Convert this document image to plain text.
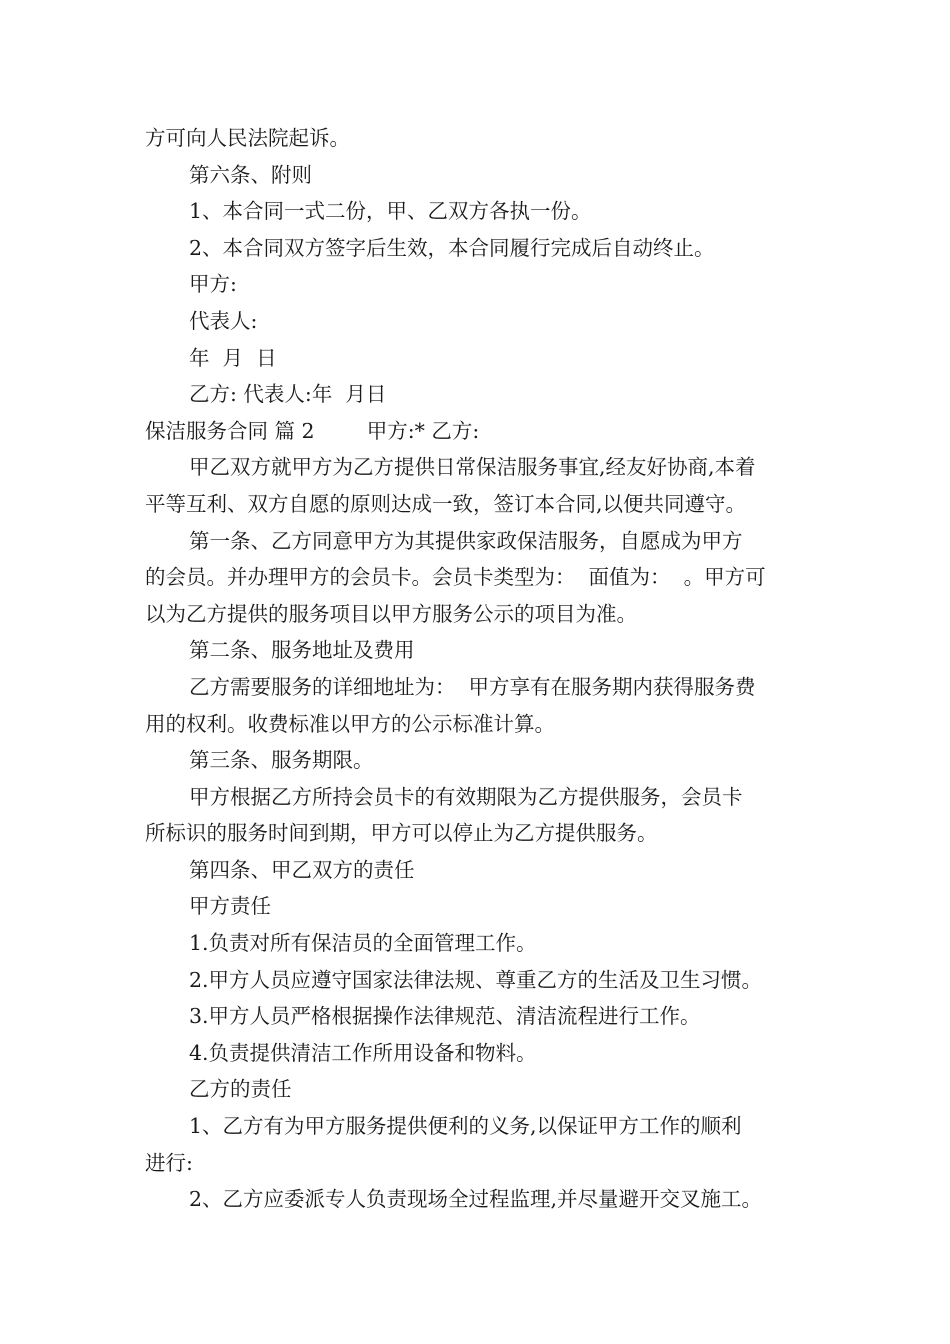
方可向人民法院起诉。
第六条、附则
1、本合同一式二份，甲、乙双方各执一份。
2、本合同双方签字后生效，本合同履行完成后自动终止。
甲方:
代表人:
年  月  日
乙方: 代表人:年  月日
保洁服务合同 篇 2        甲方:* 乙方:
甲乙双方就甲方为乙方提供日常保洁服务事宜,经友好协商,本着
平等互利、双方自愿的原则达成一致，签订本合同,以便共同遵守。
第一条、乙方同意甲方为其提供家政保洁服务，自愿成为甲方
的会员。并办理甲方的会员卡。会员卡类型为：  面值为：  。甲方可
以为乙方提供的服务项目以甲方服务公示的项目为准。
第二条、服务地址及费用
乙方需要服务的详细地址为：  甲方享有在服务期内获得服务费
用的权利。收费标准以甲方的公示标准计算。
第三条、服务期限。
甲方根据乙方所持会员卡的有效期限为乙方提供服务，会员卡
所标识的服务时间到期，甲方可以停止为乙方提供服务。
第四条、甲乙双方的责任
甲方责任
1.负责对所有保洁员的全面管理工作。
2.甲方人员应遵守国家法律法规、尊重乙方的生活及卫生习惯。
3.甲方人员严格根据操作法律规范、清洁流程进行工作。
4.负责提供清洁工作所用设备和物料。
乙方的责任
1、乙方有为甲方服务提供便利的义务,以保证甲方工作的顺利
进行:
2、乙方应委派专人负责现场全过程监理,并尽量避开交叉施工。
